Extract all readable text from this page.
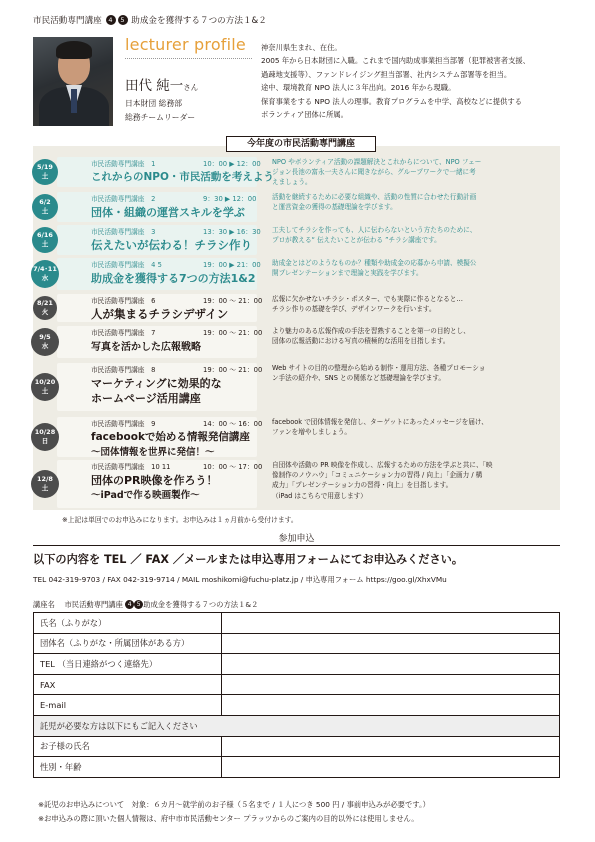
市民活動専門講座 4 5 助成金を獲得する７つの方法１&２
lecturer profile
田代 純一さん
日本財団 総務部
総務チームリーダー
神奈川県生まれ、在住。
2005 年から日本財団に入職。これまで国内助成事業担当部署（犯罪被害者支援、
過疎地支援等）、ファンドレイジング担当部署、社内システム部署等を担当。
途中、環境教育 NPO 法人に３年出向。2016 年から現職。
保育事業をする NPO 法人の理事。教育プログラムを中学、高校などに提供する
ボランティア団体に所属。
今年度の市民活動専門講座
5/19
土
市民活動専門講座　1	10：00 ▶ 12：00
これからのNPO・市民活動を考えよう
NPO やボランティア活動の課題解決とこれからについて、NPO フェー
ジョン長池の富永一夫さんに聞きながら、グループワークで一緒に考
えましょう。
6/2
土
市民活動専門講座　2	9：30 ▶ 12：00
団体・組織の運営スキルを学ぶ
活動を継続するために必要な組織や、活動の性質に合わせた行動計画
と運営資金の獲得の基礎理論を学びます。
6/16
土
市民活動専門講座　3	13：30 ▶ 16：30
伝えたいが伝わる！チラシ作り
工夫してチラシを作っても、人に伝わらないという方たちのために、
プロが教える“ 伝えたいことが伝わる ”チラシ講座です。
7/4･11
水
市民活動専門講座　4 5	19：00 ▶ 21：00
助成金を獲得する7つの方法1&2
助成金とはどのようなものか？種類や助成金の応募から申請、模擬公
開プレゼンテーションまで理論と実践を学びます。
8/21
火
市民活動専門講座　6	19：00 ～ 21：00
人が集まるチラシデザイン
広報に欠かせないチラシ・ポスター、でも実際に作るとなると…
チラシ作りの基礎を学び、デザインワークを行います。
9/5
水
市民活動専門講座　7	19：00 ～ 21：00
写真を活かした広報戦略
より魅力のある広報作成の手法を習熟することを第一の目的とし、
団体の広報活動における写真の積極的な活用を目指します。
10/20
土
市民活動専門講座　8	19：00 ～ 21：00
マーケティングに効果的な
ホームページ活用講座
Web サイトの目的の整理から始める制作・運用方法、各種プロモーショ
ン手法の紹介や、SNS との関係など基礎理論を学びます。
10/28
日
市民活動専門講座　9	14：00 ～ 16：00
facebookで始める情報発信講座
～団体情報を世界に発信！～
facebook で団体情報を発信し、ターゲットにあったメッセージを届け、
ファンを増やしましょう。
12/8
土
市民活動専門講座　10 11	10：00 ～ 17：00
団体のPR映像を作ろう！
～iPadで作る映画製作～
自団体や活動の PR 映像を作成し、広報するための方法を学ぶと共に、「映
像制作のノウハウ」「コミュニケーション力の習得 / 向上」「企画力 / 構
成力」「プレゼンテーション力の習得・向上」を目指します。
（iPad はこちらで用意します）
※上記は単回でのお申込みになります。お申込みは１ヵ月前から受付けます。
参加申込
以下の内容を TEL ／ FAX ／メールまたは申込専用フォームにてお申込みください。
TEL 042-319-9703 / FAX 042-319-9714 / MAIL moshikomi@fuchu-platz.jp / 申込専用フォーム https://goo.gl/XhxVMu
講座名　 市民活動専門講座 4 5 助成金を獲得する７つの方法１&２
氏名（ふりがな）	
団体名（ふりがな・所属団体がある方）	
TEL （当日連絡がつく連絡先）	
FAX	
E-mail	
託児が必要な方は以下にもご記入ください	
お子様の氏名	
性別・年齢	
※託児のお申込みについて　対象：６カ月～就学前のお子様（５名まで / １人につき 500 円 / 事前申込みが必要です。）
※お申込みの際に頂いた個人情報は、府中市市民活動センター プラッツからのご案内の目的以外には使用しません。
